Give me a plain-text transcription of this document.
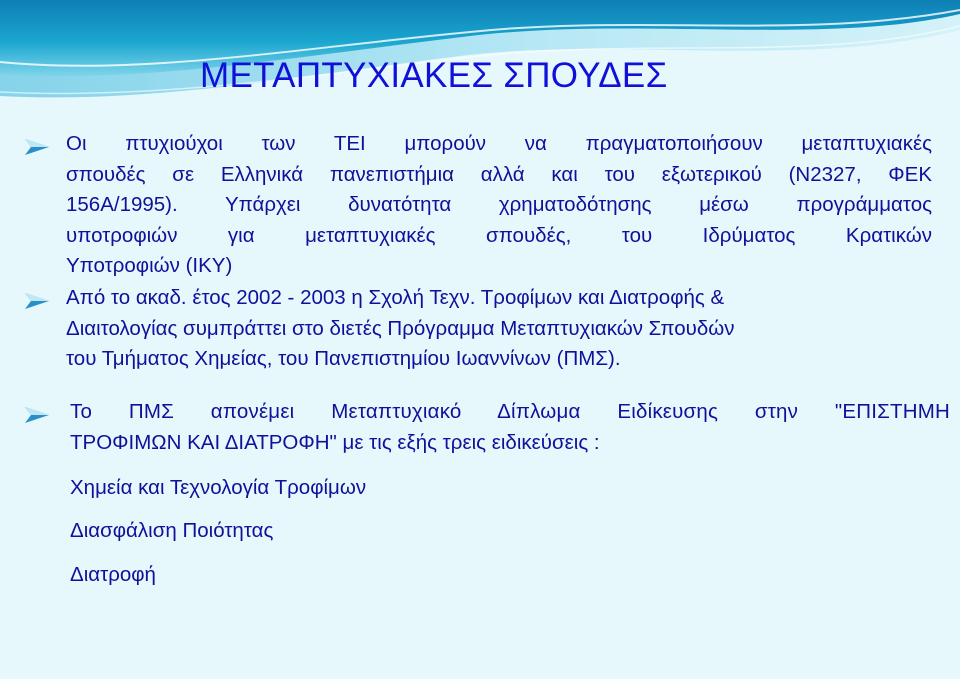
ΜΕΤΑΠΤΥΧΙΑΚΕΣ ΣΠΟΥΔΕΣ

Οι πτυχιούχοι των ΤΕΙ μπορούν να πραγματοποιήσουν μεταπτυχιακές

σπουδές σε Ελληνικά πανεπιστήμια αλλά και του εξωτερικού (Ν2327, ΦΕΚ

156Α/1995). Υπάρχει δυνατότητα χρηματοδότησης μέσω προγράμματος

υποτροφιών για μεταπτυχιακές σπουδές, του Ιδρύματος Κρατικών

Υποτροφιών (ΙΚΥ)

Από το ακαδ. έτος 2002 - 2003 η Σχολή Τεχν. Τροφίμων και Διατροφής &

Διαιτολογίας συμπράττει στο διετές Πρόγραμμα Μεταπτυχιακών Σπουδών

του Τμήματος Χημείας, του Πανεπιστημίου Ιωαννίνων (ΠΜΣ).

Το ΠΜΣ απονέμει Μεταπτυχιακό Δίπλωμα Ειδίκευσης στην "ΕΠΙΣΤΗΜΗ

ΤΡΟΦΙΜΩΝ ΚΑΙ ΔΙΑΤΡΟΦΗ" με τις εξής τρεις ειδικεύσεις :

Χημεία και Τεχνολογία Τροφίμων

Διασφάλιση Ποιότητας

Διατροφή
